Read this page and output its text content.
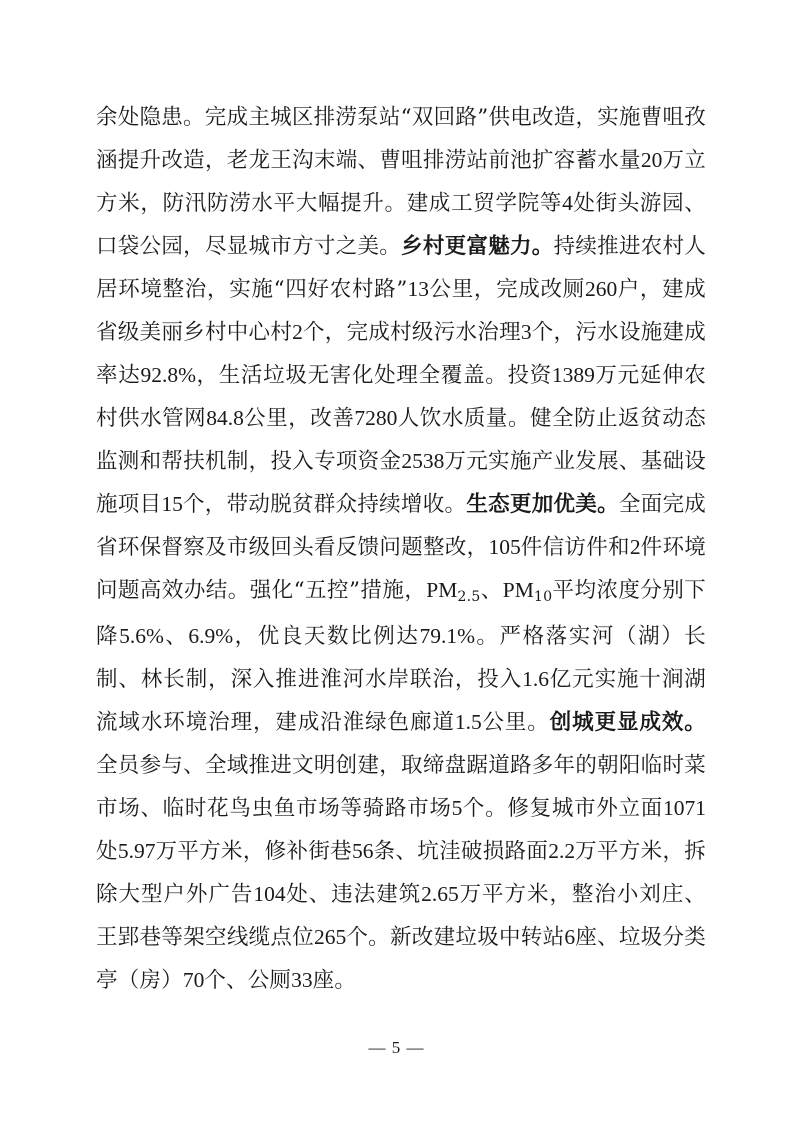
余处隐患。完成主城区排涝泵站“双回路”供电改造，实施曹咀孜涵提升改造，老龙王沟末端、曹咀排涝站前池扩容蓄水量20万立方米，防汛防涝水平大幅提升。建成工贸学院等4处街头游园、口袋公园，尽显城市方寸之美。乡村更富魅力。持续推进农村人居环境整治，实施“四好农村路”13公里，完成改厕260户，建成省级美丽乡村中心村2个，完成村级污水治理3个，污水设施建成率达92.8%，生活垃圾无害化处理全覆盖。投资1389万元延伸农村供水管网84.8公里，改善7280人饮水质量。健全防止返贫动态监测和帮扶机制，投入专项资金2538万元实施产业发展、基础设施项目15个，带动脱贫群众持续增收。生态更加优美。全面完成省环保督察及市级回头看反馈问题整改，105件信访件和2件环境问题高效办结。强化“五控”措施，$PM_{2.5}$、$PM_{10}$平均浓度分别下降5.6%、6.9%，优良天数比例达79.1%。严格落实河（湖）长制、林长制，深入推进淮河水岸联治，投入1.6亿元实施十涧湖流域水环境治理，建成沿淮绿色廊道1.5公里。创城更显成效。全员参与、全域推进文明创建，取缔盘踞道路多年的朝阳临时菜市场、临时花鸟虫鱼市场等骑路市场5个。修复城市外立面1071处5.97万平方米，修补街巷56条、坑洼破损路面2.2万平方米，拆除大型户外广告104处、违法建筑2.65万平方米，整治小刘庄、王郢巷等架空线缆点位265个。新改建垃圾中转站6座、垃圾分类亭（房）70个、公厕33座。

— 5 —
